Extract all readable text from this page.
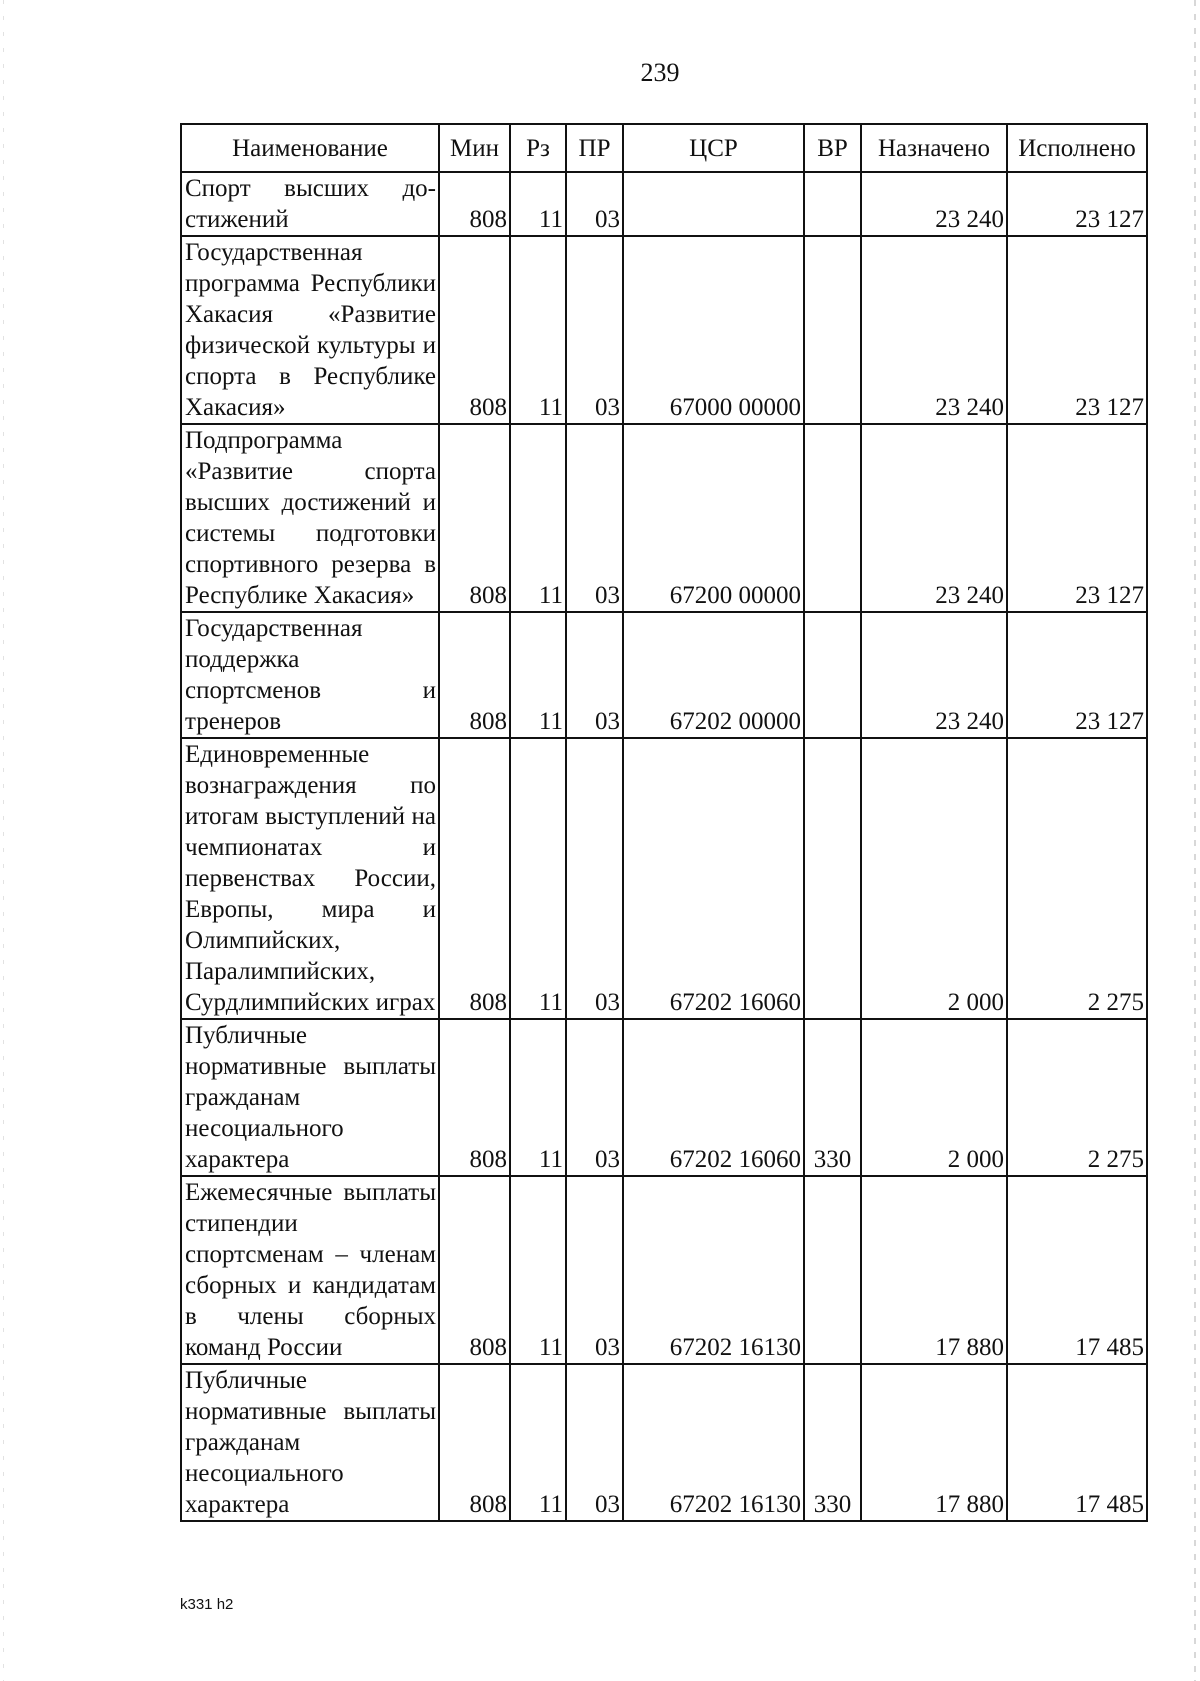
239
Наименование	Мин	Рз	ПР	ЦСР	ВР	Назначено	Исполнено

Спорт высших до-стижений	808	11	03			23 240	23 127

Государственная программа Республики Хакасия «Развитие физической культуры и спорта в Республике Хакасия»	808	11	03	67000 00000		23 240	23 127

Подпрограмма «Развитие спорта высших достижений и системы подготовки спортивного резерва в Республике Хакасия»	808	11	03	67200 00000		23 240	23 127

Государственная поддержка спортсменов и тренеров	808	11	03	67202 00000		23 240	23 127

Единовременные вознаграждения по итогам выступлений на чемпионатах и первенствах России, Европы, мира и Олимпийских, Паралимпийских, Сурдлимпийских играх	808	11	03	67202 16060		2 000	2 275

Публичные нормативные выплаты гражданам несоциального характера	808	11	03	67202 16060	330	2 000	2 275

Ежемесячные выплаты стипендии спортсменам – членам сборных и кандидатам в члены сборных команд России	808	11	03	67202 16130		17 880	17 485

Публичные нормативные выплаты гражданам несоциального характера	808	11	03	67202 16130	330	17 880	17 485
k331 h2
